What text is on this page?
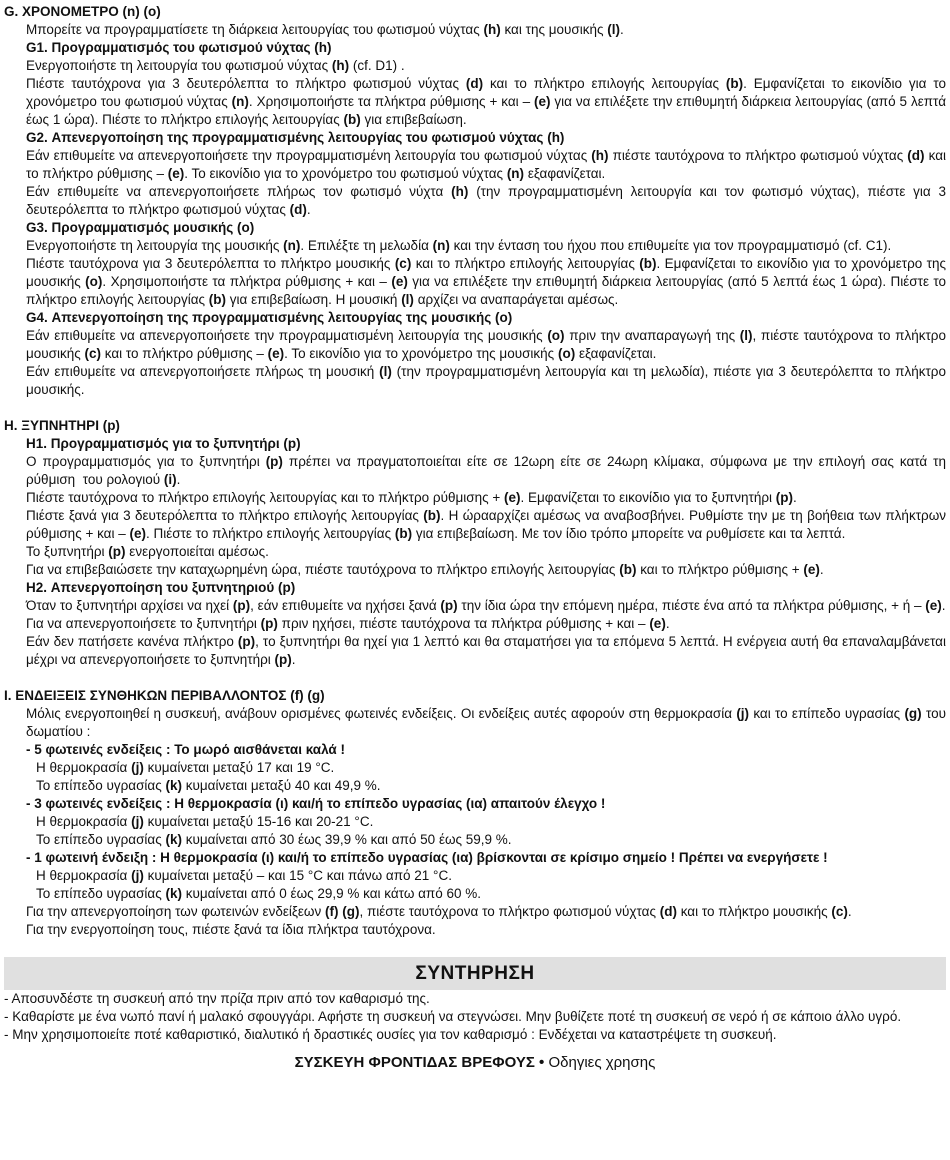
G. ΧΡΟΝΟΜΕΤΡΟ (n) (o)

Μπορείτε να προγραμματίσετε τη διάρκεια λειτουργίας του φωτισμού νύχτας (h) και της μουσικής (l).

G1. Προγραμματισμός του φωτισμού νύχτας (h)

Ενεργοποιήστε τη λειτουργία του φωτισμού νύχτας (h) (cf. D1) .

Πιέστε ταυτόχρονα για 3 δευτερόλεπτα το πλήκτρο φωτισμού νύχτας (d) και το πλήκτρο επιλογής λειτουργίας (b). Εμφανίζεται το εικονίδιο για το χρονόμετρο του φωτισμού νύχτας (n). Χρησιμοποιήστε τα πλήκτρα ρύθμισης + και – (e) για να επιλέξετε την επιθυμητή διάρκεια λειτουργίας (από 5 λεπτά έως 1 ώρα). Πιέστε το πλήκτρο επιλογής λειτουργίας (b) για επιβεβαίωση.

G2. Απενεργοποίηση της προγραμματισμένης λειτουργίας του φωτισμού νύχτας (h)

Εάν επιθυμείτε να απενεργοποιήσετε την προγραμματισμένη λειτουργία του φωτισμού νύχτας (h) πιέστε ταυτόχρονα το πλήκτρο φωτισμού νύχτας (d) και το πλήκτρο ρύθμισης – (e). Το εικονίδιο για το χρονόμετρο του φωτισμού νύχτας (n) εξαφανίζεται.

Εάν επιθυμείτε να απενεργοποιήσετε πλήρως τον φωτισμό νύχτα (h) (την προγραμματισμένη λειτουργία και τον φωτισμό νύχτας), πιέστε για 3 δευτερόλεπτα το πλήκτρο φωτισμού νύχτας (d).

G3. Προγραμματισμός μουσικής (o)

Ενεργοποιήστε τη λειτουργία της μουσικής (n). Επιλέξτε τη μελωδία (n) και την ένταση του ήχου που επιθυμείτε για τον προγραμματισμό (cf. C1).

Πιέστε ταυτόχρονα για 3 δευτερόλεπτα το πλήκτρο μουσικής (c) και το πλήκτρο επιλογής λειτουργίας (b). Εμφανίζεται το εικονίδιο για το χρονόμετρο της μουσικής (o). Χρησιμοποιήστε τα πλήκτρα ρύθμισης + και – (e) για να επιλέξετε την επιθυμητή διάρκεια λειτουργίας (από 5 λεπτά έως 1 ώρα). Πιέστε το πλήκτρο επιλογής λειτουργίας (b) για επιβεβαίωση. Η μουσική (l) αρχίζει να αναπαράγεται αμέσως.

G4. Απενεργοποίηση της προγραμματισμένης λειτουργίας της μουσικής (o)

Εάν επιθυμείτε να απενεργοποιήσετε την προγραμματισμένη λειτουργία της μουσικής (o) πριν την αναπαραγωγή της (l), πιέστε ταυτόχρονα το πλήκτρο μουσικής (c) και το πλήκτρο ρύθμισης – (e). Το εικονίδιο για το χρονόμετρο της μουσικής (o) εξαφανίζεται.

Εάν επιθυμείτε να απενεργοποιήσετε πλήρως τη μουσική (l) (την προγραμματισμένη λειτουργία και τη μελωδία), πιέστε για 3 δευτερόλεπτα το πλήκτρο μουσικής.

H. ΞΥΠΝΗΤΗΡΙ (p)
H1. Προγραμματισμός για το ξυπνητήρι (p)

Ο προγραμματισμός για το ξυπνητήρι (p) πρέπει να πραγματοποιείται είτε σε 12ωρη είτε σε 24ωρη κλίμακα, σύμφωνα με την επιλογή σας κατά τη ρύθμιση  του ρολογιού (i).

Πιέστε ταυτόχρονα το πλήκτρο επιλογής λειτουργίας και το πλήκτρο ρύθμισης + (e). Εμφανίζεται το εικονίδιο για το ξυπνητήρι (p).

Πιέστε ξανά για 3 δευτερόλεπτα το πλήκτρο επιλογής λειτουργίας (b). Η ώρααρχίζει αμέσως να αναβοσβήνει. Ρυθμίστε την με τη βοήθεια των πλήκτρων ρύθμισης + και – (e). Πιέστε το πλήκτρο επιλογής λειτουργίας (b) για επιβεβαίωση. Με τον ίδιο τρόπο μπορείτε να ρυθμίσετε και τα λεπτά.

Το ξυπνητήρι (p) ενεργοποιείται αμέσως.

Για να επιβεβαιώσετε την καταχωρημένη ώρα, πιέστε ταυτόχρονα το πλήκτρο επιλογής λειτουργίας (b) και το πλήκτρο ρύθμισης + (e).

H2. Απενεργοποίηση του ξυπνητηριού (p)

Όταν το ξυπνητήρι αρχίσει να ηχεί (p), εάν επιθυμείτε να ηχήσει ξανά (p) την ίδια ώρα την επόμενη ημέρα, πιέστε ένα από τα πλήκτρα ρύθμισης, + ή – (e).

Για να απενεργοποιήσετε το ξυπνητήρι (p) πριν ηχήσει, πιέστε ταυτόχρονα τα πλήκτρα ρύθμισης + και – (e).

Εάν δεν πατήσετε κανένα πλήκτρο (p), το ξυπνητήρι θα ηχεί για 1 λεπτό και θα σταματήσει για τα επόμενα 5 λεπτά. Η ενέργεια αυτή θα επαναλαμβάνεται μέχρι να απενεργοποιήσετε το ξυπνητήρι (p).

I. ΕΝΔΕΙΞΕΙΣ ΣΥΝΘΗΚΩΝ ΠΕΡΙΒΑΛΛΟΝΤΟΣ (f) (g)

Μόλις ενεργοποιηθεί η συσκευή, ανάβουν ορισμένες φωτεινές ενδείξεις. Οι ενδείξεις αυτές αφορούν στη θερμοκρασία (j) και το επίπεδο υγρασίας (g) του δωματίου :

- 5 φωτεινές ενδείξεις : Το μωρό αισθάνεται καλά !

Η θερμοκρασία (j) κυμαίνεται μεταξύ 17 και 19 °C.

Το επίπεδο υγρασίας (k) κυμαίνεται μεταξύ 40 και 49,9 %.

- 3 φωτεινές ενδείξεις : Η θερμοκρασία (ι) και/ή το επίπεδο υγρασίας (ια) απαιτούν έλεγχο !

Η θερμοκρασία (j) κυμαίνεται μεταξύ 15-16 και 20-21 °C.

Το επίπεδο υγρασίας (k) κυμαίνεται από 30 έως 39,9 % και από 50 έως 59,9 %.

- 1 φωτεινή ένδειξη : Η θερμοκρασία (ι) και/ή το επίπεδο υγρασίας (ια) βρίσκονται σε κρίσιμο σημείο ! Πρέπει να ενεργήσετε !

Η θερμοκρασία (j) κυμαίνεται μεταξύ – και 15 °C και πάνω από 21 °C.

Το επίπεδο υγρασίας (k) κυμαίνεται από 0 έως 29,9 % και κάτω από 60 %.

Για την απενεργοποίηση των φωτεινών ενδείξεων (f) (g), πιέστε ταυτόχρονα το πλήκτρο φωτισμού νύχτας (d) και το πλήκτρο μουσικής (c).

Για την ενεργοποίηση τους, πιέστε ξανά τα ίδια πλήκτρα ταυτόχρονα.

ΣΥΝΤΗΡΗΣΗ

- Αποσυνδέστε τη συσκευή από την πρίζα πριν από τον καθαρισμό της.

- Καθαρίστε με ένα νωπό πανί ή μαλακό σφουγγάρι. Αφήστε τη συσκευή να στεγνώσει. Μην βυθίζετε ποτέ τη συσκευή σε νερό ή σε κάποιο άλλο υγρό.

- Μην χρησιμοποιείτε ποτέ καθαριστικό, διαλυτικό ή δραστικές ουσίες για τον καθαρισμό : Ενδέχεται να καταστρέψετε τη συσκευή.

ΣΥΣΚΕΥΗ ΦΡΟΝΤΙΔΑΣ ΒΡΕΦΟΥΣ • Οδηγιες χρησης
